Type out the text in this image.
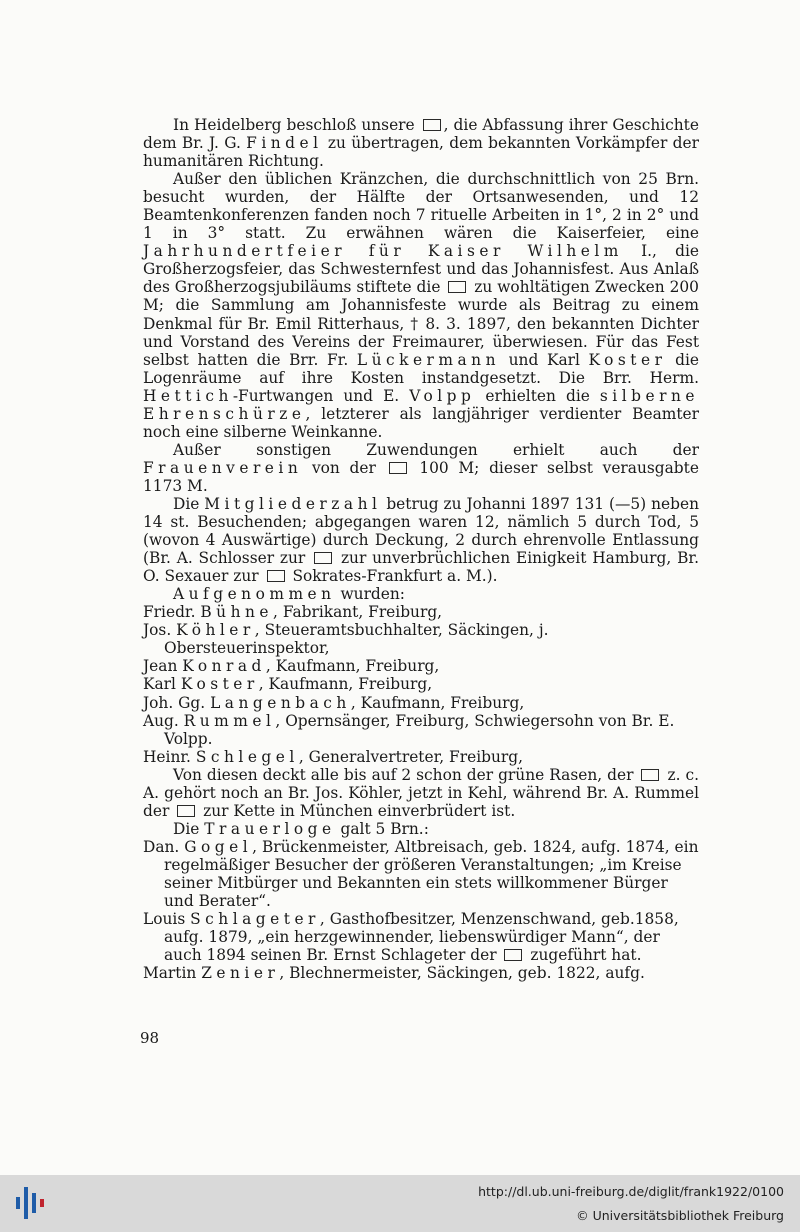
In Heidelberg beschloß unsere , die Abfassung ihrer Geschichte dem Br. J. G. Findel zu übertragen, dem bekannten Vorkämpfer der humanitären Richtung.

Außer den üblichen Kränzchen, die durchschnittlich von 25 Brn. besucht wurden, der Hälfte der Ortsanwesenden, und 12 Beamtenkonferenzen fanden noch 7 rituelle Arbeiten in 1°, 2 in 2° und 1 in 3° statt. Zu erwähnen wären die Kaiserfeier, eine Jahrhundertfeier für Kaiser Wilhelm I., die Großherzogsfeier, das Schwesternfest und das Johannisfest. Aus Anlaß des Großherzogsjubiläums stiftete die zu wohltätigen Zwecken 200 M; die Sammlung am Johannisfeste wurde als Beitrag zu einem Denkmal für Br. Emil Ritterhaus, † 8. 3. 1897, den bekannten Dichter und Vorstand des Vereins der Freimaurer, überwiesen. Für das Fest selbst hatten die Brr. Fr. Lückermann und Karl Koster die Logenräume auf ihre Kosten instandgesetzt. Die Brr. Herm. Hettich-Furtwangen und E. Volpp erhielten die silberne Ehrenschürze, letzterer als langjähriger verdienter Beamter noch eine silberne Weinkanne.

Außer sonstigen Zuwendungen erhielt auch der Frauenverein von der	100 M; dieser selbst verausgabte 1173 M.

Die Mitgliederzahl betrug zu Johanni 1897 131 (—5) neben 14 st. Besuchenden; abgegangen waren 12, nämlich 5 durch Tod, 5 (wovon 4 Auswärtige) durch Deckung, 2 durch ehrenvolle Entlassung (Br. A. Schlosser zur zur unverbrüchlichen Einigkeit Hamburg, Br. O. Sexauer zur Sokrates-Frankfurt a. M.).

Aufgenommen wurden:

Friedr. Bühne, Fabrikant, Freiburg,

Jos. Köhler, Steueramtsbuchhalter, Säckingen, j. Obersteuerinspektor,

Jean Konrad, Kaufmann, Freiburg,

Karl Koster, Kaufmann, Freiburg,

Joh. Gg. Langenbach, Kaufmann, Freiburg,

Aug. Rummel, Opernsänger, Freiburg, Schwiegersohn von Br. E. Volpp.

Heinr. Schlegel, Generalvertreter, Freiburg,

Von diesen deckt alle bis auf 2 schon der grüne Rasen, der z. c. A. gehört noch an Br. Jos. Köhler, jetzt in Kehl, während Br. A. Rummel der zur Kette in München einverbrüdert ist.

Die Trauerloge galt 5 Brn.:

Dan. Gogel, Brückenmeister, Altbreisach, geb. 1824, aufg. 1874, ein regelmäßiger Besucher der größeren Veranstaltungen; „im Kreise seiner Mitbürger und Bekannten ein stets willkommener Bürger und Berater“.

Louis Schlageter, Gasthofbesitzer, Menzenschwand, geb.1858, aufg. 1879, „ein herzgewinnender, liebenswürdiger Mann“, der auch 1894 seinen Br. Ernst Schlageter der  zugeführt hat.

Martin Zenier, Blechnermeister, Säckingen, geb. 1822, aufg.

98
http://dl.ub.uni-freiburg.de/diglit/frank1922/0100
© Universitätsbibliothek Freiburg
